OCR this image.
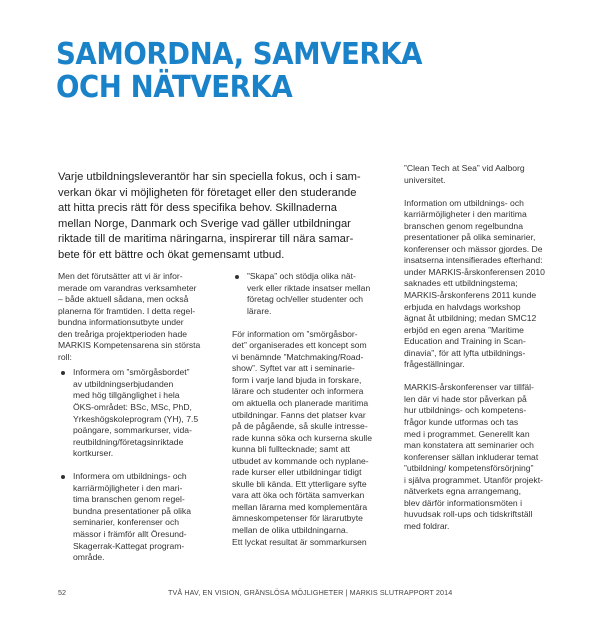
SAMORDNA, SAMVERKA
OCH NÄTVERKA
Varje utbildningsleverantör har sin speciella fokus, och i sam-
verkan ökar vi möjligheten för företaget eller den studerande
att hitta precis rätt för dess specifika behov. Skillnaderna
mellan Norge, Danmark och Sverige vad gäller utbildningar
riktade till de maritima näringarna, inspirerar till nära samar-
bete för ett bättre och ökat gemensamt utbud.
Men det förutsätter att vi är infor-
merade om varandras verksamheter
– både aktuell sådana, men också
planerna för framtiden. I detta regel-
bundna informationsutbyte under
den treåriga projektperioden hade
MARKIS Kompetensarena sin största
roll:
Informera om ”smörgåsbordet”
av utbildningserbjudanden
med hög tillgänglighet i hela
ÖKS-området: BSc, MSc, PhD,
Yrkeshögskoleprogram (YH), 7.5
poängare, sommarkurser, vida-
reutbildning/företagsinriktade
kortkurser.
Informera om utbildnings- och
karriärmöjligheter i den mari-
tima branschen genom regel-
bundna presentationer på olika
seminarier, konferenser och
mässor i främför allt Öresund-
Skagerrak-Kattegat program-
område.
”Skapa” och stödja olika nät-
verk eller riktade insatser mellan
företag och/eller studenter och
lärare.
För information om ”smörgåsbor-
det” organiserades ett koncept som
vi benämnde ”Matchmaking/Road-
show”. Syftet var att i seminarie-
form i varje land bjuda in forskare,
lärare och studenter och informera
om aktuella och planerade maritima
utbildningar. Fanns det platser kvar
på de pågående, så skulle intresse-
rade kunna söka och kurserna skulle
kunna bli fulltecknade; samt att
utbudet av kommande och nyplane-
rade kurser eller utbildningar tidigt
skulle bli kända. Ett ytterligare syfte
vara att öka och förtäta samverkan
mellan lärarna med komplementära
ämneskompetenser för lärarutbyte
mellan de olika utbildningarna.
Ett lyckat resultat är sommarkursen
”Clean Tech at Sea” vid Aalborg
universitet.
Information om utbildnings- och
karriärmöjligheter i den maritima
branschen genom regelbundna
presentationer på olika seminarier,
konferenser och mässor gjordes. De
insatserna intensifierades efterhand:
under MARKIS-årskonferensen 2010
saknades ett utbildningstema;
MARKIS-årskonferens 2011 kunde
erbjuda en halvdags workshop
ägnat åt utbildning; medan SMC12
erbjöd en egen arena ”Maritime
Education and Training in Scan-
dinavia”, för att lyfta utbildnings-
frågeställningar.
MARKIS-årskonferenser var tillfäl-
len där vi hade stor påverkan på
hur utbildnings- och kompetens-
frågor kunde utformas och tas
med i programmet. Generellt kan
man konstatera att seminarier och
konferenser sällan inkluderar temat
”utbildning/ kompetensförsörjning”
i själva programmet. Utanför projekt-
nätverkets egna arrangemang,
blev därför informationsmöten i
huvudsak roll-ups och tidskriftställ
med foldrar.
52	TVÅ HAV, EN VISION, GRÄNSLÖSA MÖJLIGHETER | MARKIS SLUTRAPPORT 2014
